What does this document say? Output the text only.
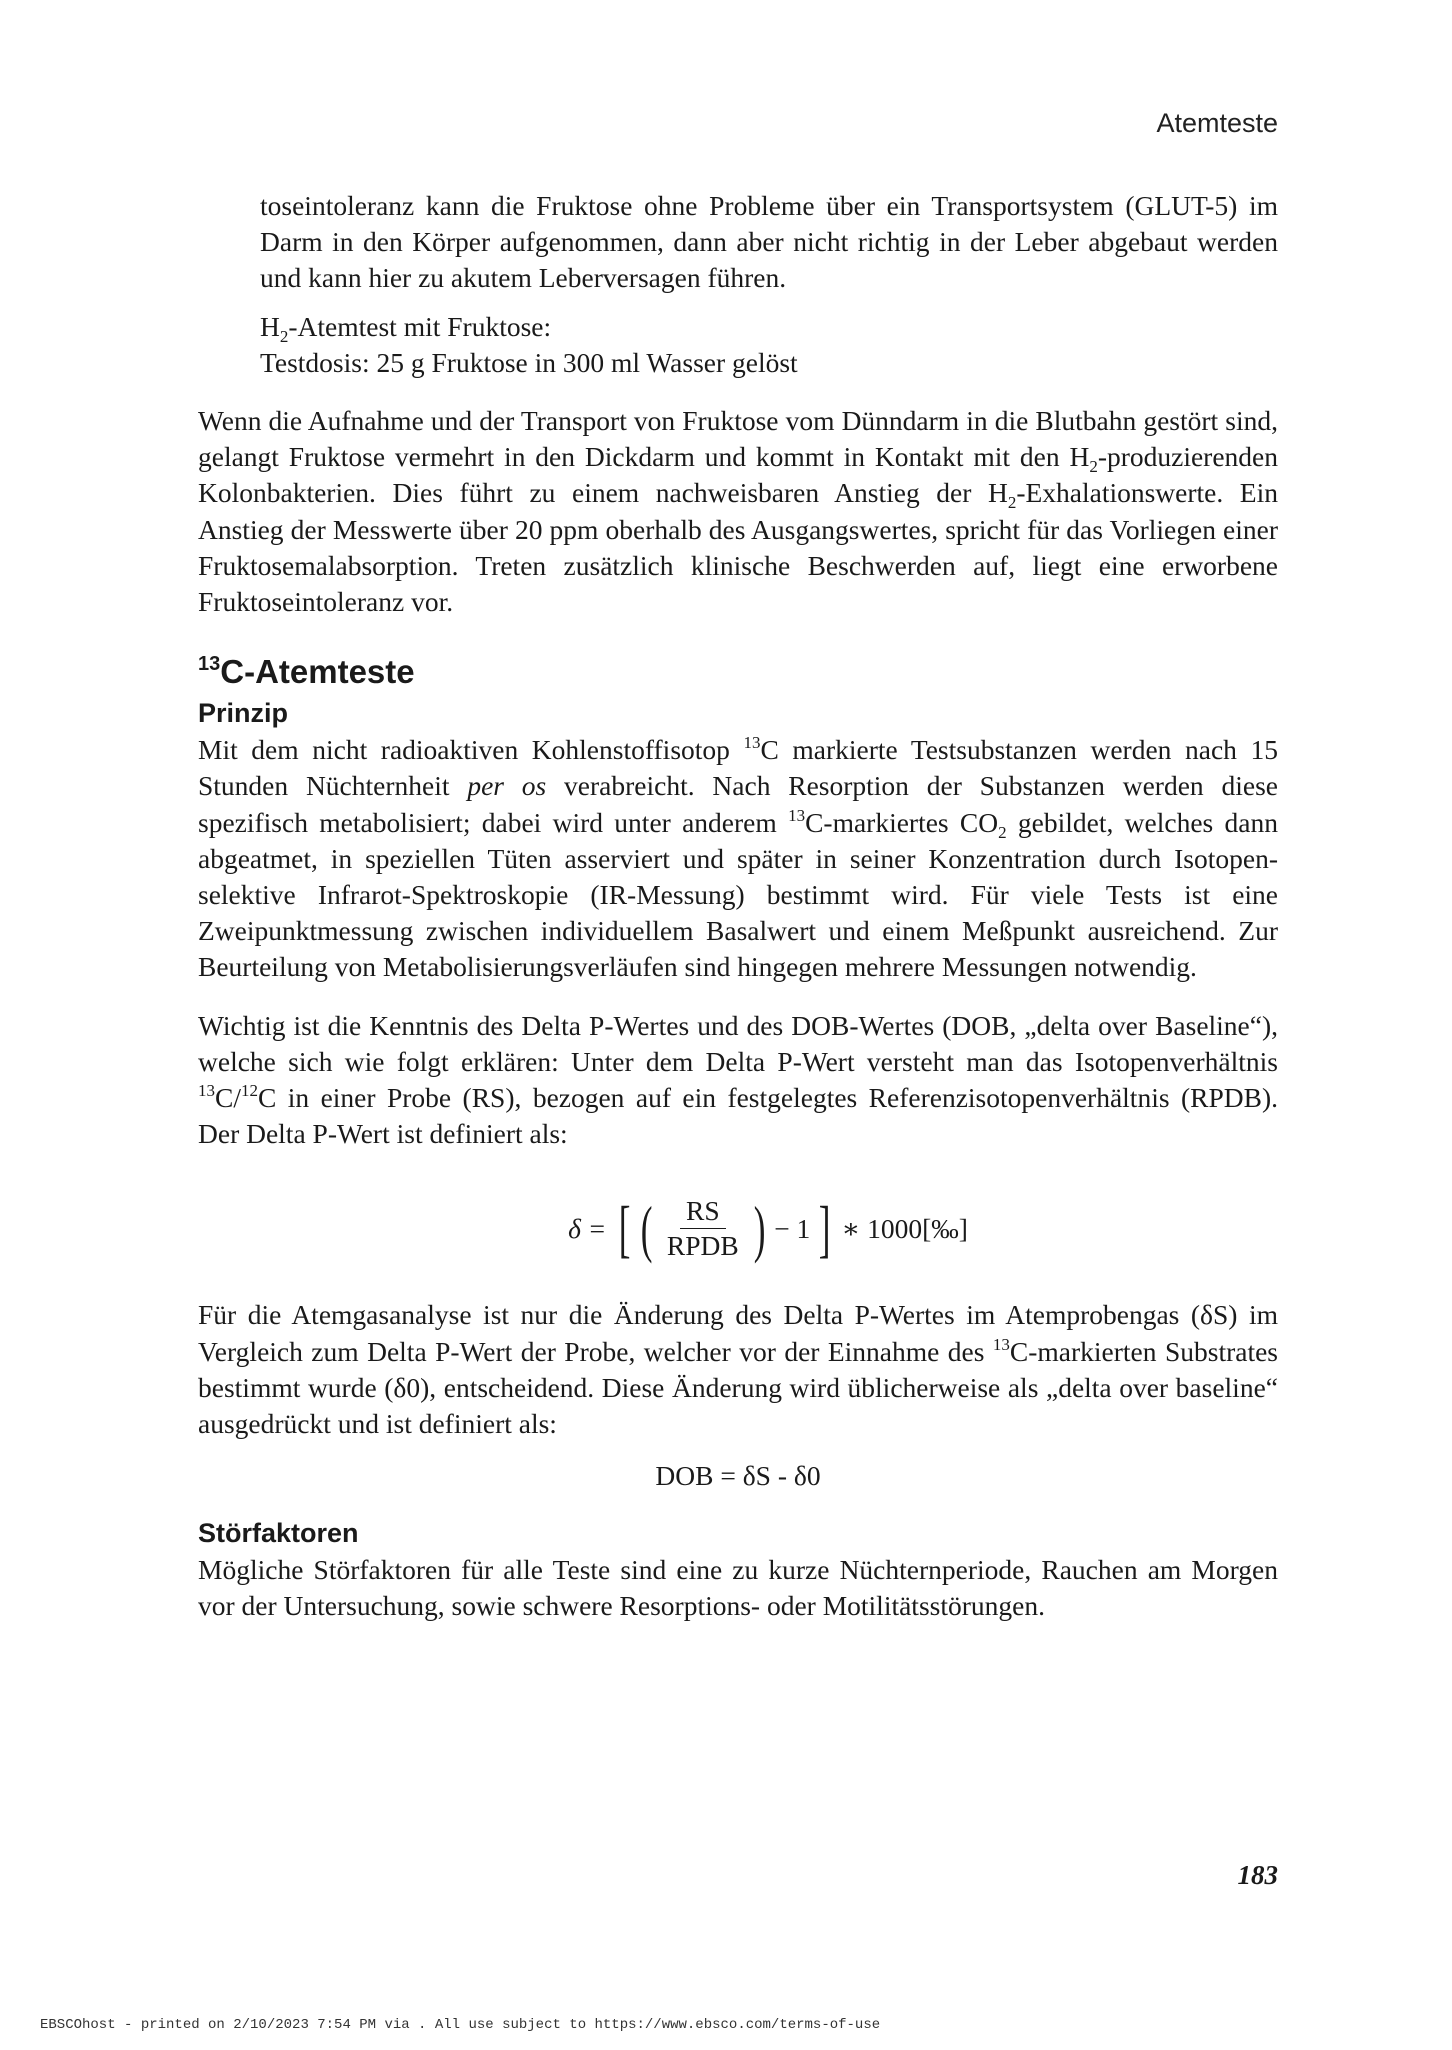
Atemteste

toseintoleranz kann die Fruktose ohne Probleme über ein Transportsystem (GLUT-5) im Darm in den Körper aufgenommen, dann aber nicht richtig in der Leber abgebaut werden und kann hier zu akutem Leberversagen führen.

$H_2$-Atemtest mit Fruktose:

Testdosis: 25 g Fruktose in 300 ml Wasser gelöst

Wenn die Aufnahme und der Transport von Fruktose vom Dünndarm in die Blutbahn gestört sind, gelangt Fruktose vermehrt in den Dickdarm und kommt in Kontakt mit den $H_2$-produzierenden Kolonbakterien. Dies führt zu einem nachweisbaren Anstieg der $H_2$-Exhalationswerte. Ein Anstieg der Messwerte über 20 ppm oberhalb des Ausgangswertes, spricht für das Vorliegen einer Fruktosemalabsorption. Treten zusätzlich klinische Beschwerden auf, liegt eine erworbene Fruktoseintoleranz vor.

$^{13}$C-Atemteste
Prinzip

Mit dem nicht radioaktiven Kohlenstoffisotop $^{13}$C markierte Testsubstanzen werden nach 15 Stunden Nüchternheit per os verabreicht. Nach Resorption der Substanzen werden diese spezifisch metabolisiert; dabei wird unter anderem $^{13}$C-markiertes $CO_2$ gebildet, welches dann abgeatmet, in speziellen Tüten asserviert und später in seiner Konzentration durch Isotopen-selektive Infrarot-Spektroskopie (IR-Messung) bestimmt wird. Für viele Tests ist eine Zweipunktmessung zwischen individuellem Basalwert und einem Meßpunkt ausreichend. Zur Beurteilung von Metabolisierungsverläufen sind hingegen mehrere Messungen notwendig.

Wichtig ist die Kenntnis des Delta P-Wertes und des DOB-Wertes (DOB, „delta over Baseline“), welche sich wie folgt erklären: Unter dem Delta P-Wert versteht man das Isotopenverhältnis $^{13}$C/$^{12}$C in einer Probe (RS), bezogen auf ein festgelegtes Referenzisotopenverhältnis (RPDB). Der Delta P-Wert ist definiert als:

δ = [ ( $\frac{RS}{\text{RPDB}}$ ) − 1 ] ∗ 1000 [‰]

Für die Atemgasanalyse ist nur die Änderung des Delta P-Wertes im Atemprobengas (δS) im Vergleich zum Delta P-Wert der Probe, welcher vor der Einnahme des $^{13}$C-markierten Substrates bestimmt wurde (δ0), entscheidend. Diese Änderung wird üblicherweise als „delta over baseline“ ausgedrückt und ist definiert als:

DOB = δS - δ0
Störfaktoren

Mögliche Störfaktoren für alle Teste sind eine zu kurze Nüchternperiode, Rauchen am Morgen vor der Untersuchung, sowie schwere Resorptions- oder Motilitätsstörungen.

183
EBSCOhost - printed on 2/10/2023 7:54 PM via . All use subject to https://www.ebsco.com/terms-of-use
